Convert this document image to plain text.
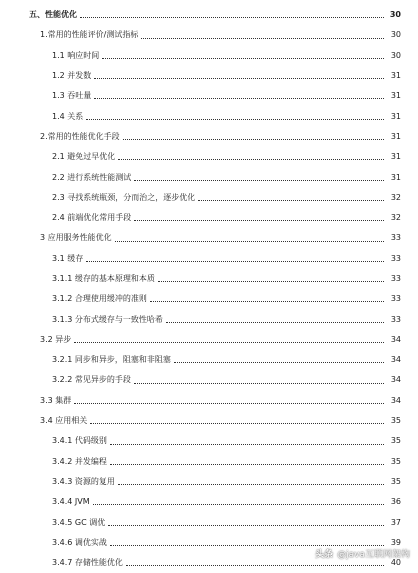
五、性能优化	30
1.常用的性能评价/测试指标	30
1.1 响应时间	30
1.2 并发数	31
1.3 吞吐量	31
1.4 关系	31
2.常用的性能优化手段	31
2.1 避免过早优化	31
2.2 进行系统性能测试	31
2.3 寻找系统瓶颈，分而治之，逐步优化	32
2.4 前端优化常用手段	32
3 应用服务性能优化	33
3.1 缓存	33
3.1.1 缓存的基本原理和本质	33
3.1.2 合理使用缓冲的准则	33
3.1.3 分布式缓存与一致性哈希	33
3.2 异步	34
3.2.1 同步和异步，阻塞和非阻塞	34
3.2.2 常见异步的手段	34
3.3 集群	34
3.4 应用相关	35
3.4.1 代码级别	35
3.4.2 并发编程	35
3.4.3 资源的复用	35
3.4.4 JVM	36
3.4.5 GC 调优	37
3.4.6 调优实战	39
3.4.7 存储性能优化	40
头条 @java互联网架构
